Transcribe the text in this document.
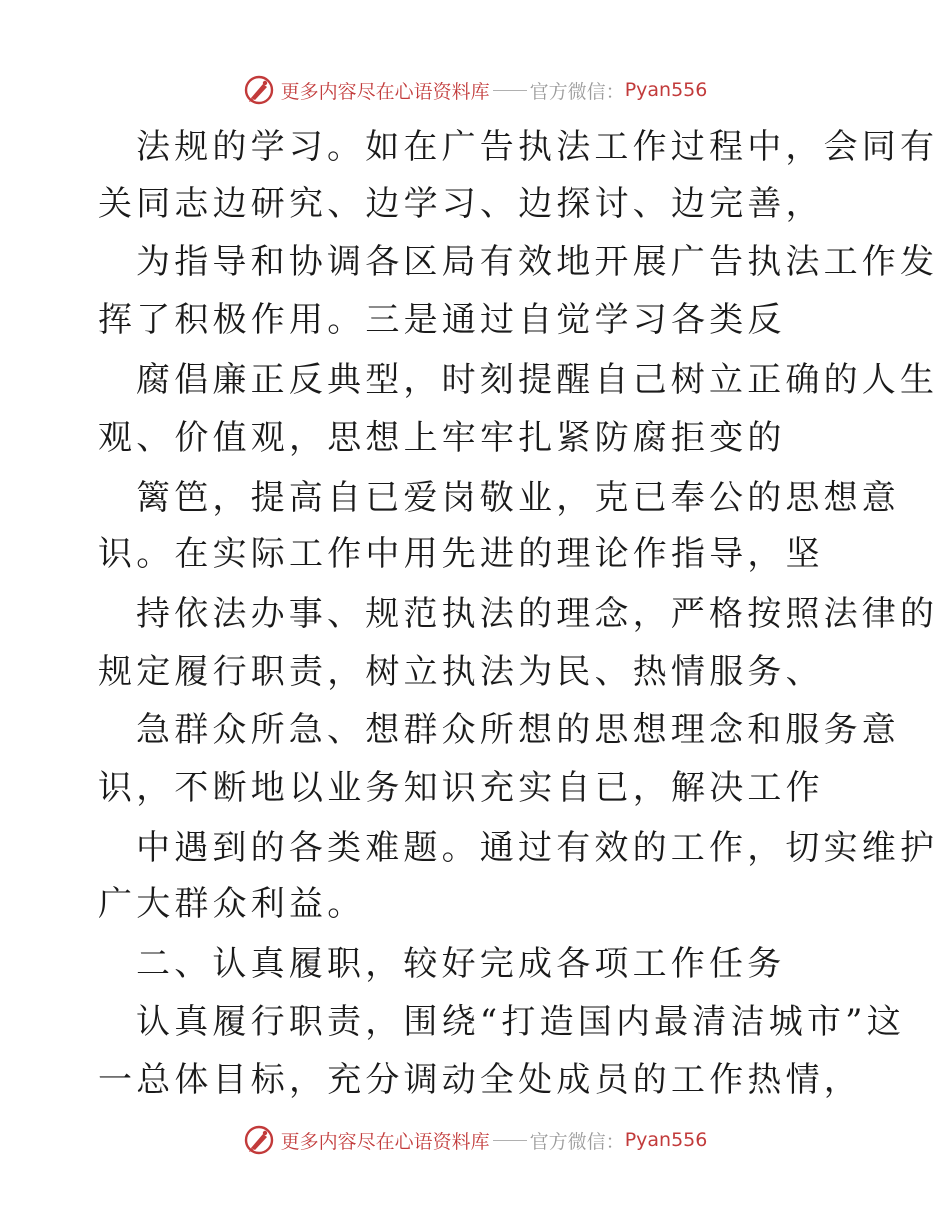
更多内容尽在心语资料库 官方微信： Pyan556
法规的学习。如在广告执法工作过程中，会同有
关同志边研究、边学习、边探讨、边完善，
为指导和协调各区局有效地开展广告执法工作发
挥了积极作用。三是通过自觉学习各类反
腐倡廉正反典型，时刻提醒自己树立正确的人生
观、价值观，思想上牢牢扎紧防腐拒变的
篱笆，提高自已爱岗敬业，克已奉公的思想意
识。在实际工作中用先进的理论作指导，坚
持依法办事、规范执法的理念，严格按照法律的
规定履行职责，树立执法为民、热情服务、
急群众所急、想群众所想的思想理念和服务意
识，不断地以业务知识充实自已，解决工作
中遇到的各类难题。通过有效的工作，切实维护
广大群众利益。
二、认真履职，较好完成各项工作任务
认真履行职责，围绕“打造国内最清洁城市”这
一总体目标，充分调动全处成员的工作热情，
更多内容尽在心语资料库 官方微信： Pyan556
